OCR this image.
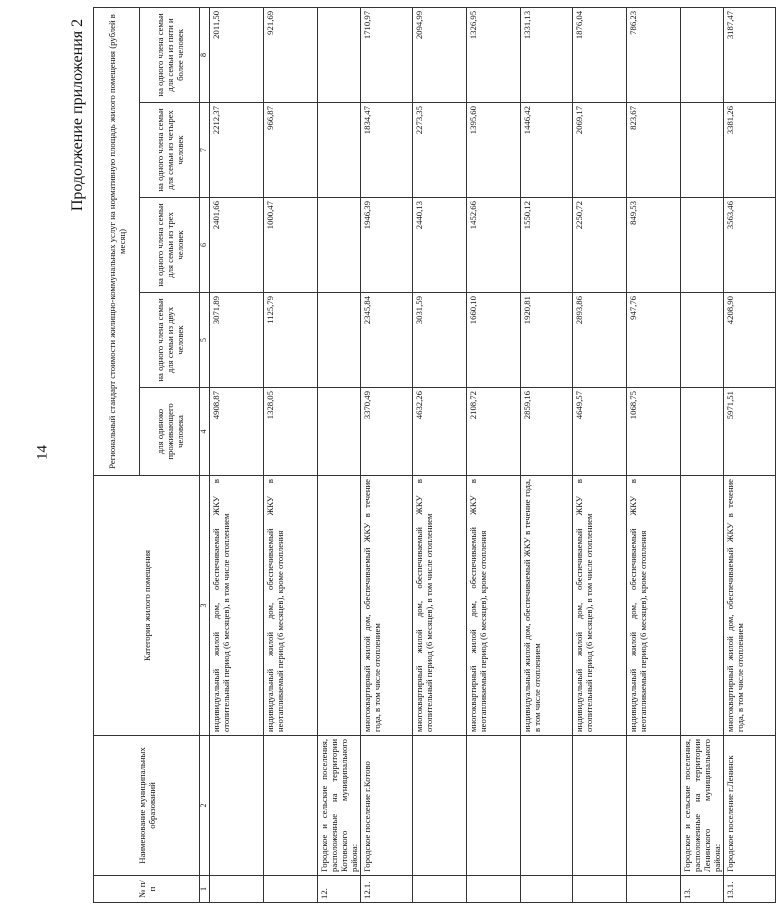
14
Продолжение приложения 2
№ п/п	Наименование муниципальных образований	Категория жилого помещения	Региональный стандарт стоимости жилищно-коммунальных услуг на нормативную площадь жилого помещения (рублей в месяц)				
			для одиноко проживающего человека	на одного члена семьи для семьи из двух человек	на одного члена семьи для семьи из трех человек	на одного члена семьи для семьи из четырех человек	на одного члена семьи для семьи из пяти и более человек
1	2	3	4	5	6	7	8
		индивидуальный жилой дом, обеспечиваемый ЖКУ в отопительный период (6 месяцев), в том числе отоплением	4908,87	3071,89	2401,66	2212,37	2011,50
		индивидуальный жилой дом, обеспечиваемый ЖКУ в неотапливаемый период (6 месяцев), кроме отопления	1328,05	1125,79	1000,47	966,87	921,69
12.	Городское и сельские поселения, расположенные на территории Котовского муниципального района:						
12.1.	Городское поселение г.Котово	многоквартирный жилой дом, обеспечиваемый ЖКУ в течение года, в том числе отоплением	3370,49	2345,84	1946,39	1834,47	1710,97
		многоквартирный жилой дом, обеспечиваемый ЖКУ в отопительный период (6 месяцев), в том числе отоплением	4632,26	3031,59	2440,13	2273,35	2094,99
		многоквартирный жилой дом, обеспечиваемый ЖКУ в неотапливаемый период (6 месяцев), кроме отопления	2108,72	1660,10	1452,66	1395,60	1326,95
		индивидуальный жилой дом, обеспечиваемый ЖКУ в течение года, в том числе отоплением	2859,16	1920,81	1550,12	1446,42	1331,13
		индивидуальный жилой дом, обеспечиваемый ЖКУ в отопительный период (6 месяцев), в том числе отоплением	4649,57	2893,86	2250,72	2069,17	1876,04
		индивидуальный жилой дом, обеспечиваемый ЖКУ в неотапливаемый период (6 месяцев), кроме отопления	1068,75	947,76	849,53	823,67	786,23
13.	Городское и сельские поселения, расположенные на территории Ленинского муниципального района:						
13.1.	Городское поселение г.Ленинск	многоквартирный жилой дом, обеспечиваемый ЖКУ в течение года, в том числе отоплением	5971,51	4208,90	3563,46	3381,26	3187,47
